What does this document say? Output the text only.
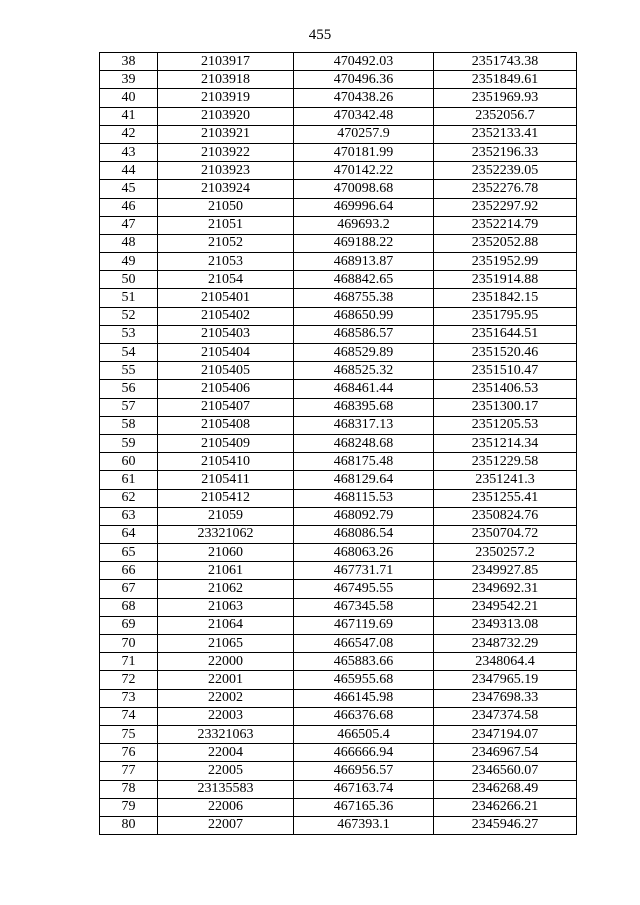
455
38	2103917	470492.03	2351743.38
39	2103918	470496.36	2351849.61
40	2103919	470438.26	2351969.93
41	2103920	470342.48	2352056.7
42	2103921	470257.9	2352133.41
43	2103922	470181.99	2352196.33
44	2103923	470142.22	2352239.05
45	2103924	470098.68	2352276.78
46	21050	469996.64	2352297.92
47	21051	469693.2	2352214.79
48	21052	469188.22	2352052.88
49	21053	468913.87	2351952.99
50	21054	468842.65	2351914.88
51	2105401	468755.38	2351842.15
52	2105402	468650.99	2351795.95
53	2105403	468586.57	2351644.51
54	2105404	468529.89	2351520.46
55	2105405	468525.32	2351510.47
56	2105406	468461.44	2351406.53
57	2105407	468395.68	2351300.17
58	2105408	468317.13	2351205.53
59	2105409	468248.68	2351214.34
60	2105410	468175.48	2351229.58
61	2105411	468129.64	2351241.3
62	2105412	468115.53	2351255.41
63	21059	468092.79	2350824.76
64	23321062	468086.54	2350704.72
65	21060	468063.26	2350257.2
66	21061	467731.71	2349927.85
67	21062	467495.55	2349692.31
68	21063	467345.58	2349542.21
69	21064	467119.69	2349313.08
70	21065	466547.08	2348732.29
71	22000	465883.66	2348064.4
72	22001	465955.68	2347965.19
73	22002	466145.98	2347698.33
74	22003	466376.68	2347374.58
75	23321063	466505.4	2347194.07
76	22004	466666.94	2346967.54
77	22005	466956.57	2346560.07
78	23135583	467163.74	2346268.49
79	22006	467165.36	2346266.21
80	22007	467393.1	2345946.27
